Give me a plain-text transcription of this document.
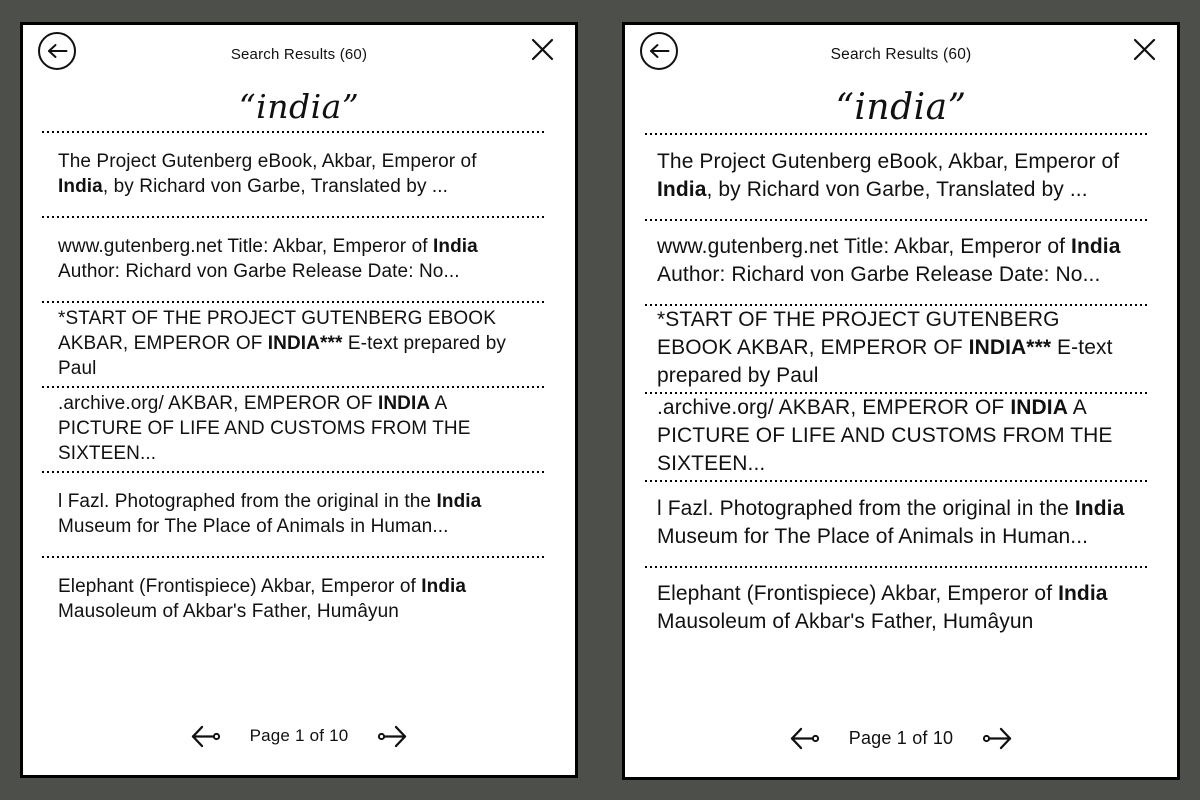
Search Results (60)
“india”
The Project Gutenberg eBook, Akbar, Emperor of India, by Richard von Garbe, Translated by ...
www.gutenberg.net Title: Akbar, Emperor of India Author: Richard von Garbe Release Date: No...
*START OF THE PROJECT GUTENBERG EBOOK AKBAR, EMPEROR OF INDIA*** E-text prepared by Paul
.archive.org/ AKBAR, EMPEROR OF INDIA A PICTURE OF LIFE AND CUSTOMS FROM THE SIXTEEN...
l Fazl. Photographed from the original in the India Museum for The Place of Animals in Human...
Elephant (Frontispiece) Akbar, Emperor of India Mausoleum of Akbar's Father, Humâyun
Page 1 of 10
Search Results (60)
“india”
The Project Gutenberg eBook, Akbar, Emperor of India, by Richard von Garbe, Translated by ...
www.gutenberg.net Title: Akbar, Emperor of India Author: Richard von Garbe Release Date: No...
*START OF THE PROJECT GUTENBERG EBOOK AKBAR, EMPEROR OF INDIA*** E-text prepared by Paul
.archive.org/ AKBAR, EMPEROR OF INDIA A PICTURE OF LIFE AND CUSTOMS FROM THE SIXTEEN...
l Fazl. Photographed from the original in the India Museum for The Place of Animals in Human...
Elephant (Frontispiece) Akbar, Emperor of India Mausoleum of Akbar's Father, Humâyun
Page 1 of 10
